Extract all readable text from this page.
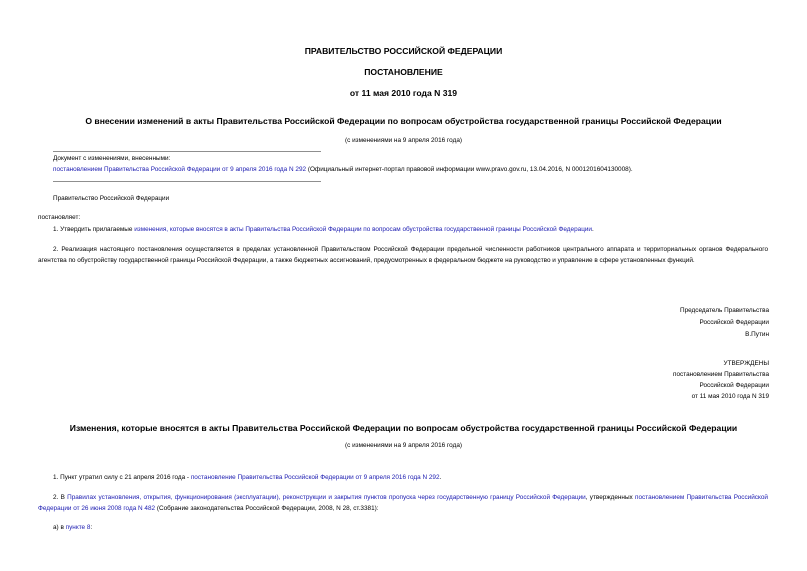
ПРАВИТЕЛЬСТВО РОССИЙСКОЙ ФЕДЕРАЦИИ
ПОСТАНОВЛЕНИЕ
от 11 мая 2010 года N 319
О внесении изменений в акты Правительства Российской Федерации по вопросам обустройства государственной границы Российской Федерации
(с изменениями на 9 апреля 2016 года)
Документ с изменениями, внесенными:
постановлением Правительства Российской Федерации от 9 апреля 2016 года N 292 (Официальный интернет-портал правовой информации www.pravo.gov.ru, 13.04.2016, N 0001201604130008).
Правительство Российской Федерации
постановляет:
1. Утвердить прилагаемые изменения, которые вносятся в акты Правительства Российской Федерации по вопросам обустройства государственной границы Российской Федерации.
2. Реализация настоящего постановления осуществляется в пределах установленной Правительством Российской Федерации предельной численности работников центрального аппарата и территориальных органов Федерального агентства по обустройству государственной границы Российской Федерации, а также бюджетных ассигнований, предусмотренных в федеральном бюджете на руководство и управление в сфере установленных функций.
Председатель Правительства
Российской Федерации
В.Путин
УТВЕРЖДЕНЫ
постановлением Правительства
Российской Федерации
от 11 мая 2010 года N 319
Изменения, которые вносятся в акты Правительства Российской Федерации по вопросам обустройства государственной границы Российской Федерации
(с изменениями на 9 апреля 2016 года)
1. Пункт утратил силу с 21 апреля 2016 года - постановление Правительства Российской Федерации от 9 апреля 2016 года N 292.
2. В Правилах установления, открытия, функционирования (эксплуатации), реконструкции и закрытия пунктов пропуска через государственную границу Российской Федерации, утвержденных постановлением Правительства Российской Федерации от 26 июня 2008 года N 482 (Собрание законодательства Российской Федерации, 2008, N 28, ст.3381):
а) в пункте 8:
